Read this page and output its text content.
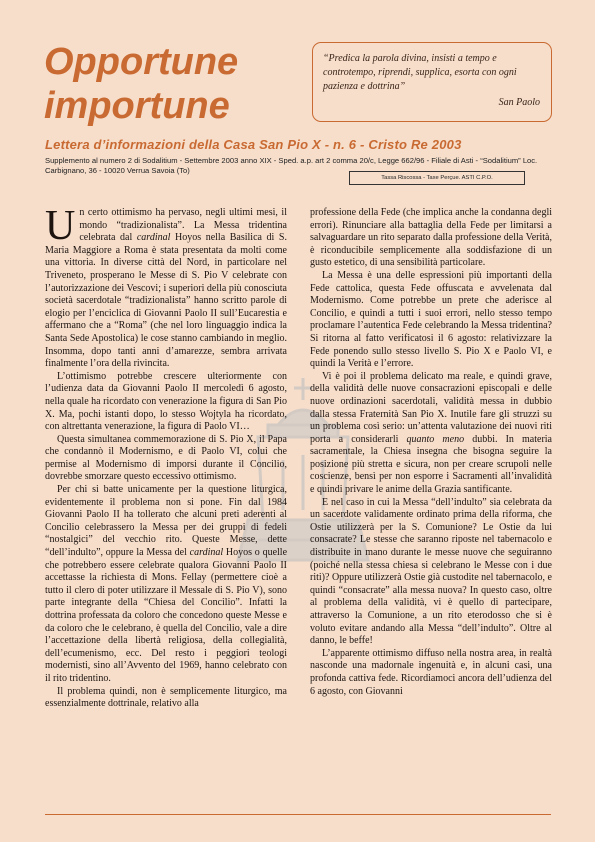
Opportune
importune
“Predica la parola divina, insisti a tempo e controtempo, riprendi, supplica, esorta con ogni pazienza e dottrina”
San Paolo
Lettera d’informazioni della Casa San Pio X - n. 6 - Cristo Re 2003
Supplemento al numero 2 di Sodalitium - Settembre 2003 anno XIX - Sped. a.p. art 2 comma 20/c, Legge 662/96 - Filiale di Asti - “Sodalitium” Loc. Carbignano, 36 - 10020 Verrua Savoia (To)
Tassa Riscossa - Taxe Perçue. ASTI C.P.O.

Un certo ottimismo ha pervaso, negli ultimi mesi, il mondo “tradizionalista”. La Messa tridentina celebrata dal cardinal Hoyos nella Basilica di S. Maria Maggiore a Roma è stata presentata da molti come una vittoria. In diverse città del Nord, in particolare nel Triveneto, prosperano le Messe di S. Pio V celebrate con l’autorizzazione dei Vescovi; i superiori della più conosciuta società sacerdotale “tradizionalista” hanno scritto parole di elogio per l’enciclica di Giovanni Paolo II sull’Eucarestia e affermano che a “Roma” (che nel loro linguaggio indica la Santa Sede Apostolica) le cose stanno cambiando in meglio. Insomma, dopo tanti anni d’amarezze, sembra arrivata finalmente l’ora della rivincita.

L’ottimismo potrebbe crescere ulteriormente con l’udienza data da Giovanni Paolo II mercoledì 6 agosto, nella quale ha ricordato con venerazione la figura di San Pio X. Ma, pochi istanti dopo, lo stesso Wojtyla ha ricordato, con altrettanta venerazione, la figura di Paolo VI…

Questa simultanea commemorazione di S. Pio X, il Papa che condannò il Modernismo, e di Paolo VI, colui che permise al Modernismo di imporsi durante il Concilio, dovrebbe smorzare questo eccessivo ottimismo.

Per chi si batte unicamente per la questione liturgica, evidentemente il problema non si pone. Fin dal 1984 Giovanni Paolo II ha tollerato che alcuni preti aderenti al Concilio celebrassero la Messa per dei gruppi di fedeli “nostalgici” del vecchio rito. Queste Messe, dette “dell’indulto”, oppure la Messa del cardinal Hoyos o quelle che potrebbero essere celebrate qualora Giovanni Paolo II accettasse la richiesta di Mons. Fellay (permettere cioè a tutto il clero di poter utilizzare il Messale di S. Pio V), sono parte integrante della “Chiesa del Concilio”. Infatti la dottrina professata da coloro che concedono queste Messe e da coloro che le celebrano, è quella del Concilio, vale a dire l’accettazione della libertà religiosa, della collegialità, dell’ecumenismo, ecc. Del resto i peggiori teologi modernisti, sino all’Avvento del 1969, hanno celebrato con il rito tridentino.

Il problema quindi, non è semplicemente liturgico, ma essenzialmente dottrinale, relativo alla

professione della Fede (che implica anche la condanna degli errori). Rinunciare alla battaglia della Fede per limitarsi a salvaguardare un rito separato dalla professione della Verità, è riconducibile semplicemente alla soddisfazione di un gusto estetico, di una sensibilità particolare.

La Messa è una delle espressioni più importanti della Fede cattolica, questa Fede offuscata e avvelenata dal Modernismo. Come potrebbe un prete che aderisce al Concilio, e quindi a tutti i suoi errori, nello stesso tempo proclamare l’autentica Fede celebrando la Messa tridentina? Si ritorna al fatto verificatosi il 6 agosto: relativizzare la Fede ponendo sullo stesso livello S. Pio X e Paolo VI, e quindi la Verità e l’errore.

Vi è poi il problema delicato ma reale, e quindi grave, della validità delle nuove consacrazioni episcopali e delle nuove ordinazioni sacerdotali, validità messa in dubbio dalla stessa Fraternità San Pio X. Inutile fare gli struzzi su un problema così serio: un’attenta valutazione dei nuovi riti porta a considerarli quanto meno dubbi. In materia sacramentale, la Chiesa insegna che bisogna seguire la posizione più stretta e sicura, non per creare scrupoli nelle coscienze, bensì per non esporre i Sacramenti all’invalidità e quindi privare le anime della Grazia santificante.

E nel caso in cui la Messa “dell’indulto” sia celebrata da un sacerdote validamente ordinato prima della riforma, che Ostie utilizzerà per la S. Comunione? Le Ostie da lui consacrate? Le stesse che saranno riposte nel tabernacolo e distribuite in mano durante le messe nuove che seguiranno (poiché nella stessa chiesa si celebrano le Messe con i due riti)? Oppure utilizzerà Ostie già custodite nel tabernacolo, e quindi “consacrate” alla messa nuova? In questo caso, oltre al problema della validità, vi è quello di partecipare, attraverso la Comunione, a un rito eterodosso che si è voluto evitare andando alla Messa “dell’indulto”. Oltre al danno, le beffe!

L’apparente ottimismo diffuso nella nostra area, in realtà nasconde una madornale ingenuità e, in alcuni casi, una profonda cattiva fede. Ricordiamoci ancora dell’udienza del 6 agosto, con Giovanni
